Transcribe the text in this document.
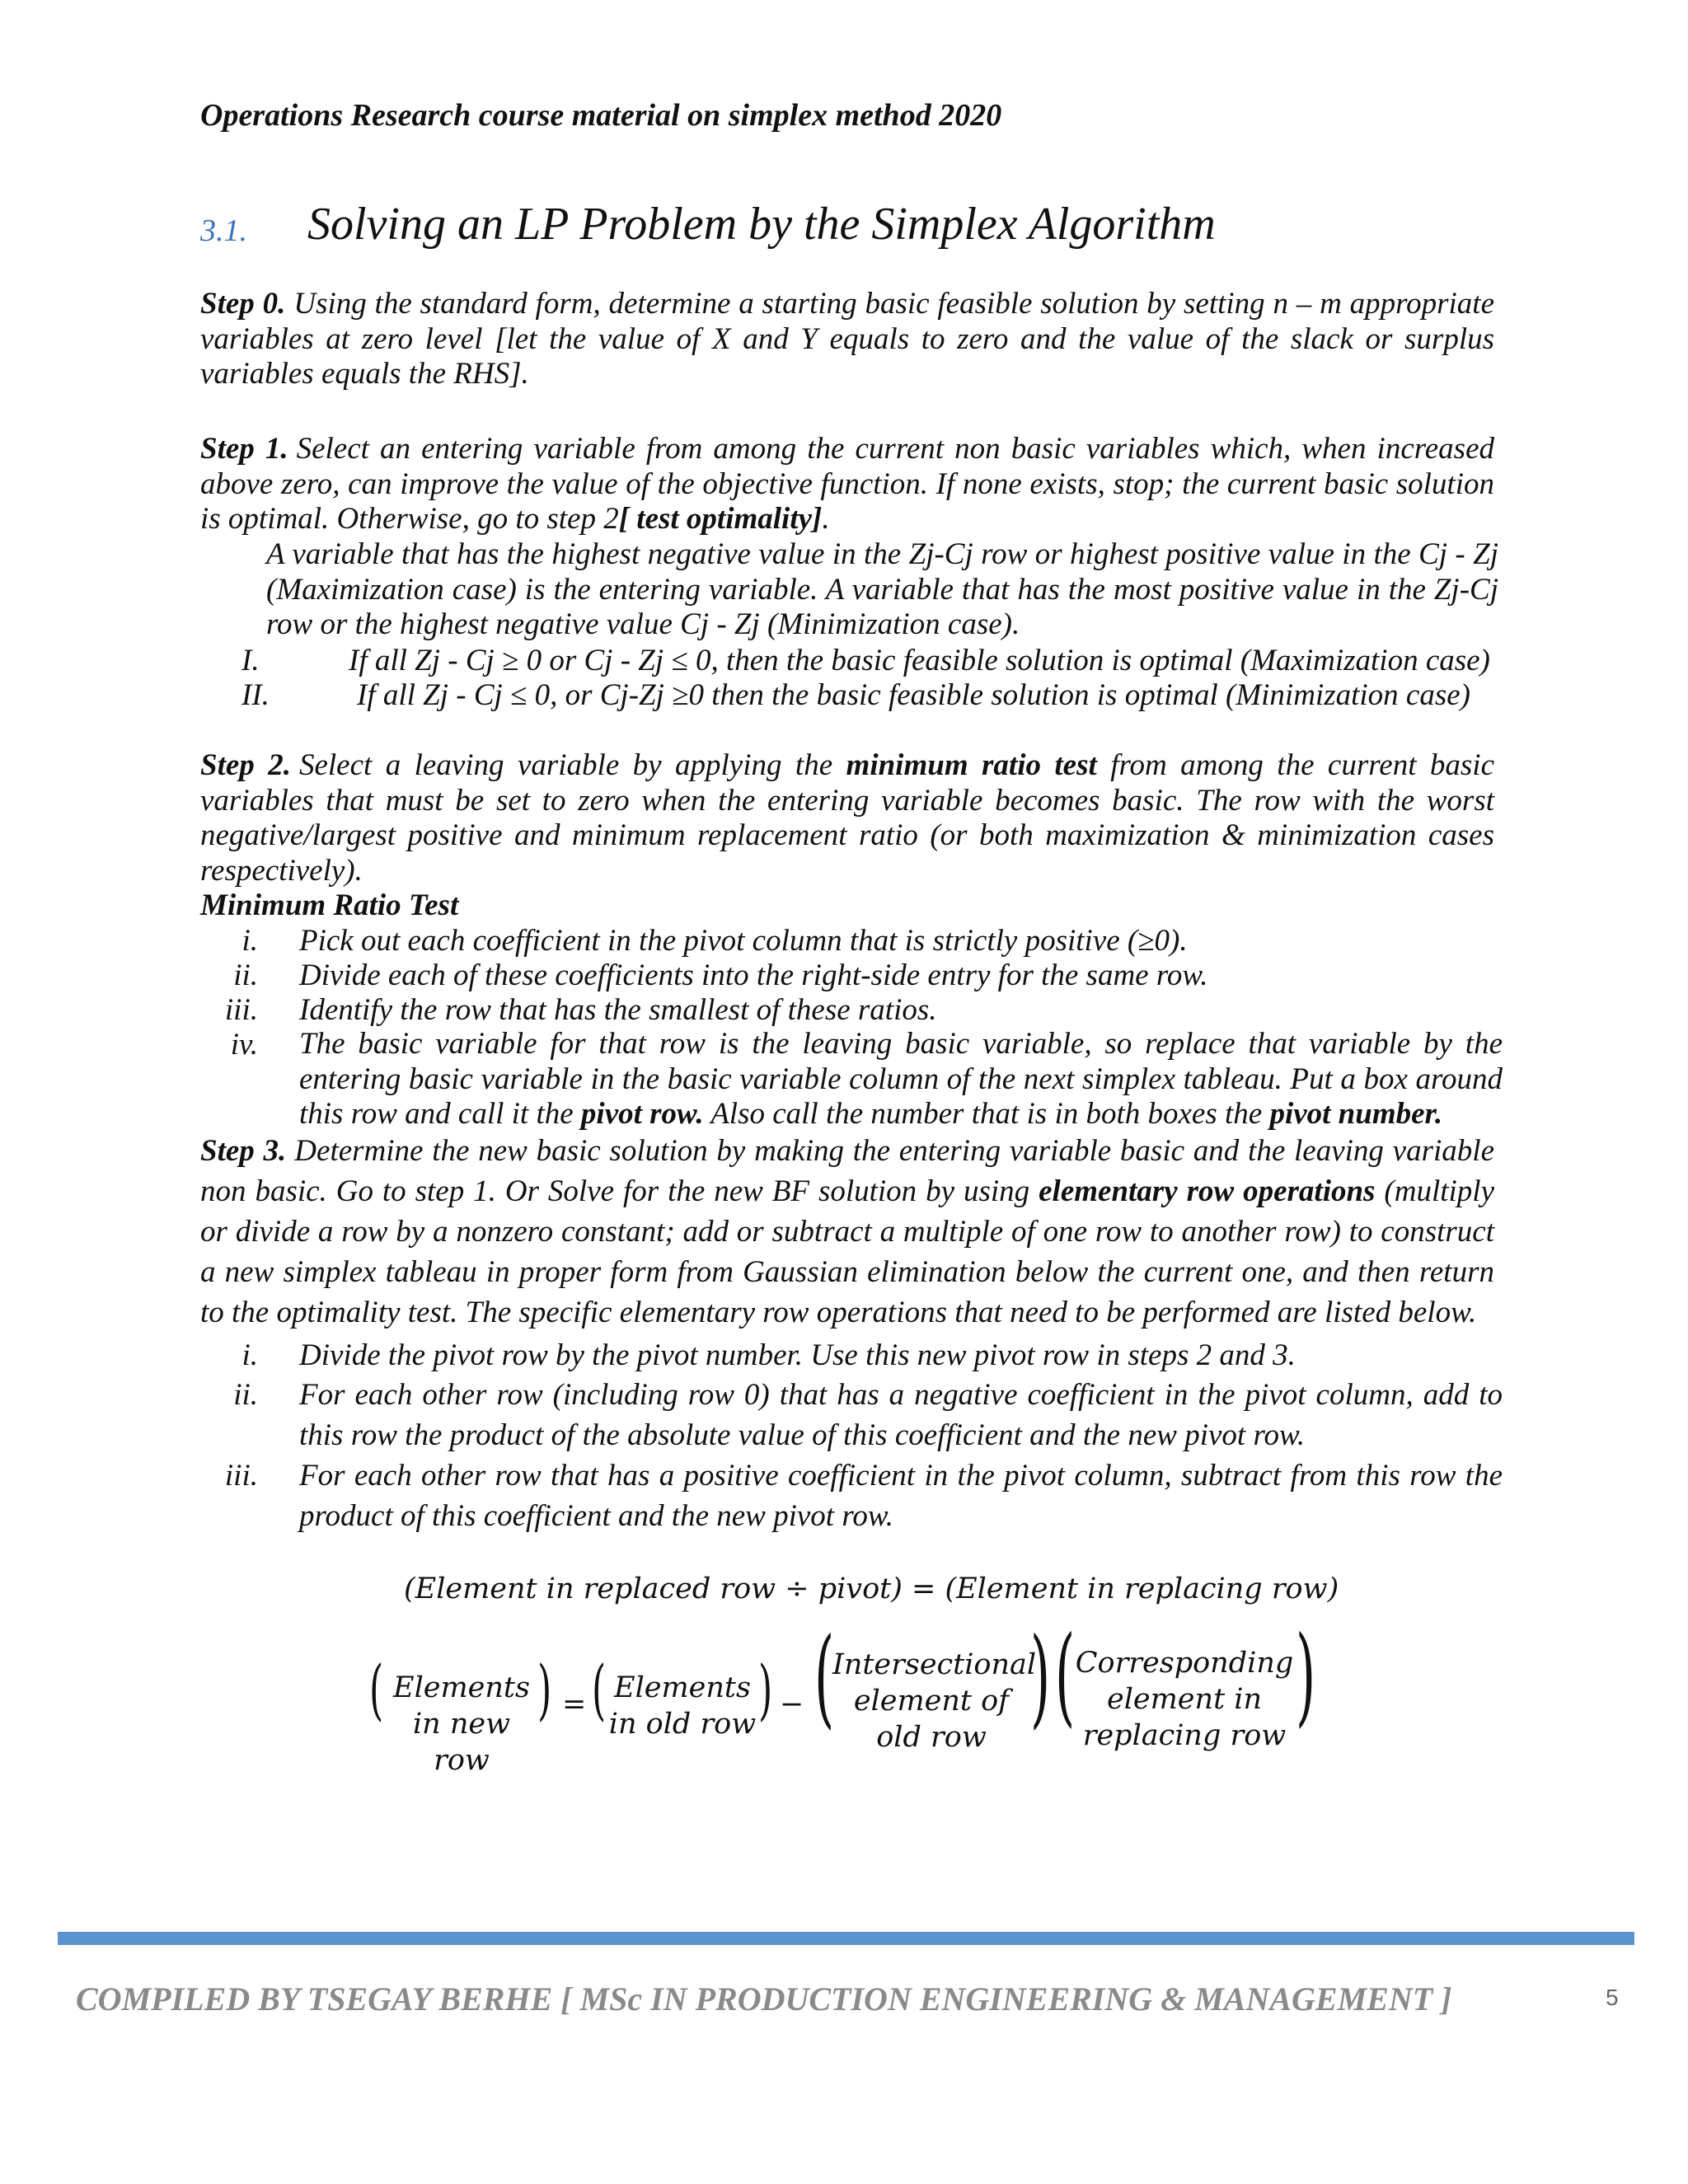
Operations Research course material on simplex method 2020
3.1. Solving an LP Problem by the Simplex Algorithm

Step 0. Using the standard form, determine a starting basic feasible solution by setting n – m appropriate variables at zero level [let the value of X and Y equals to zero and the value of the slack or surplus variables equals the RHS].

Step 1. Select an entering variable from among the current non basic variables which, when increased above zero, can improve the value of the objective function. If none exists, stop; the current basic solution is optimal. Otherwise, go to step 2[ test optimality].

A variable that has the highest negative value in the Zj-Cj row or highest positive value in the Cj - Zj (Maximization case) is the entering variable. A variable that has the most positive value in the Zj-Cj row or the highest negative value Cj - Zj (Minimization case).
I.	If all Zj - Cj ≥ 0 or Cj - Zj ≤ 0, then the basic feasible solution is optimal (Maximization case)
II.	If all Zj - Cj ≤ 0, or Cj-Zj ≥0 then the basic feasible solution is optimal (Minimization case)

Step 2. Select a leaving variable by applying the minimum ratio test from among the current basic variables that must be set to zero when the entering variable becomes basic. The row with the worst negative/largest positive and minimum replacement ratio (or both maximization & minimization cases respectively).

Minimum Ratio Test

i. Pick out each coefficient in the pivot column that is strictly positive (≥0).
ii. Divide each of these coefficients into the right-side entry for the same row.
iii. Identify the row that has the smallest of these ratios.
iv. The basic variable for that row is the leaving basic variable, so replace that variable by the entering basic variable in the basic variable column of the next simplex tableau. Put a box around this row and call it the pivot row. Also call the number that is in both boxes the pivot number.

Step 3. Determine the new basic solution by making the entering variable basic and the leaving variable non basic. Go to step 1. Or Solve for the new BF solution by using elementary row operations (multiply or divide a row by a nonzero constant; add or subtract a multiple of one row to another row) to construct a new simplex tableau in proper form from Gaussian elimination below the current one, and then return to the optimality test. The specific elementary row operations that need to be performed are listed below.

i. Divide the pivot row by the pivot number. Use this new pivot row in steps 2 and 3.
ii. For each other row (including row 0) that has a negative coefficient in the pivot column, add to this row the product of the absolute value of this coefficient and the new pivot row.
iii. For each other row that has a positive coefficient in the pivot column, subtract from this row the product of this coefficient and the new pivot row.
(Element in replaced row ÷ pivot) = (Element in replacing row)
( Elements
in new row
) = ( Elements
in old row ) − (
Intersectional
element of
old row ) ( Corresponding
element in
replacing row )
COMPILED BY TSEGAY BERHE [ MSc IN PRODUCTION ENGINEERING & MANAGEMENT ]	5
